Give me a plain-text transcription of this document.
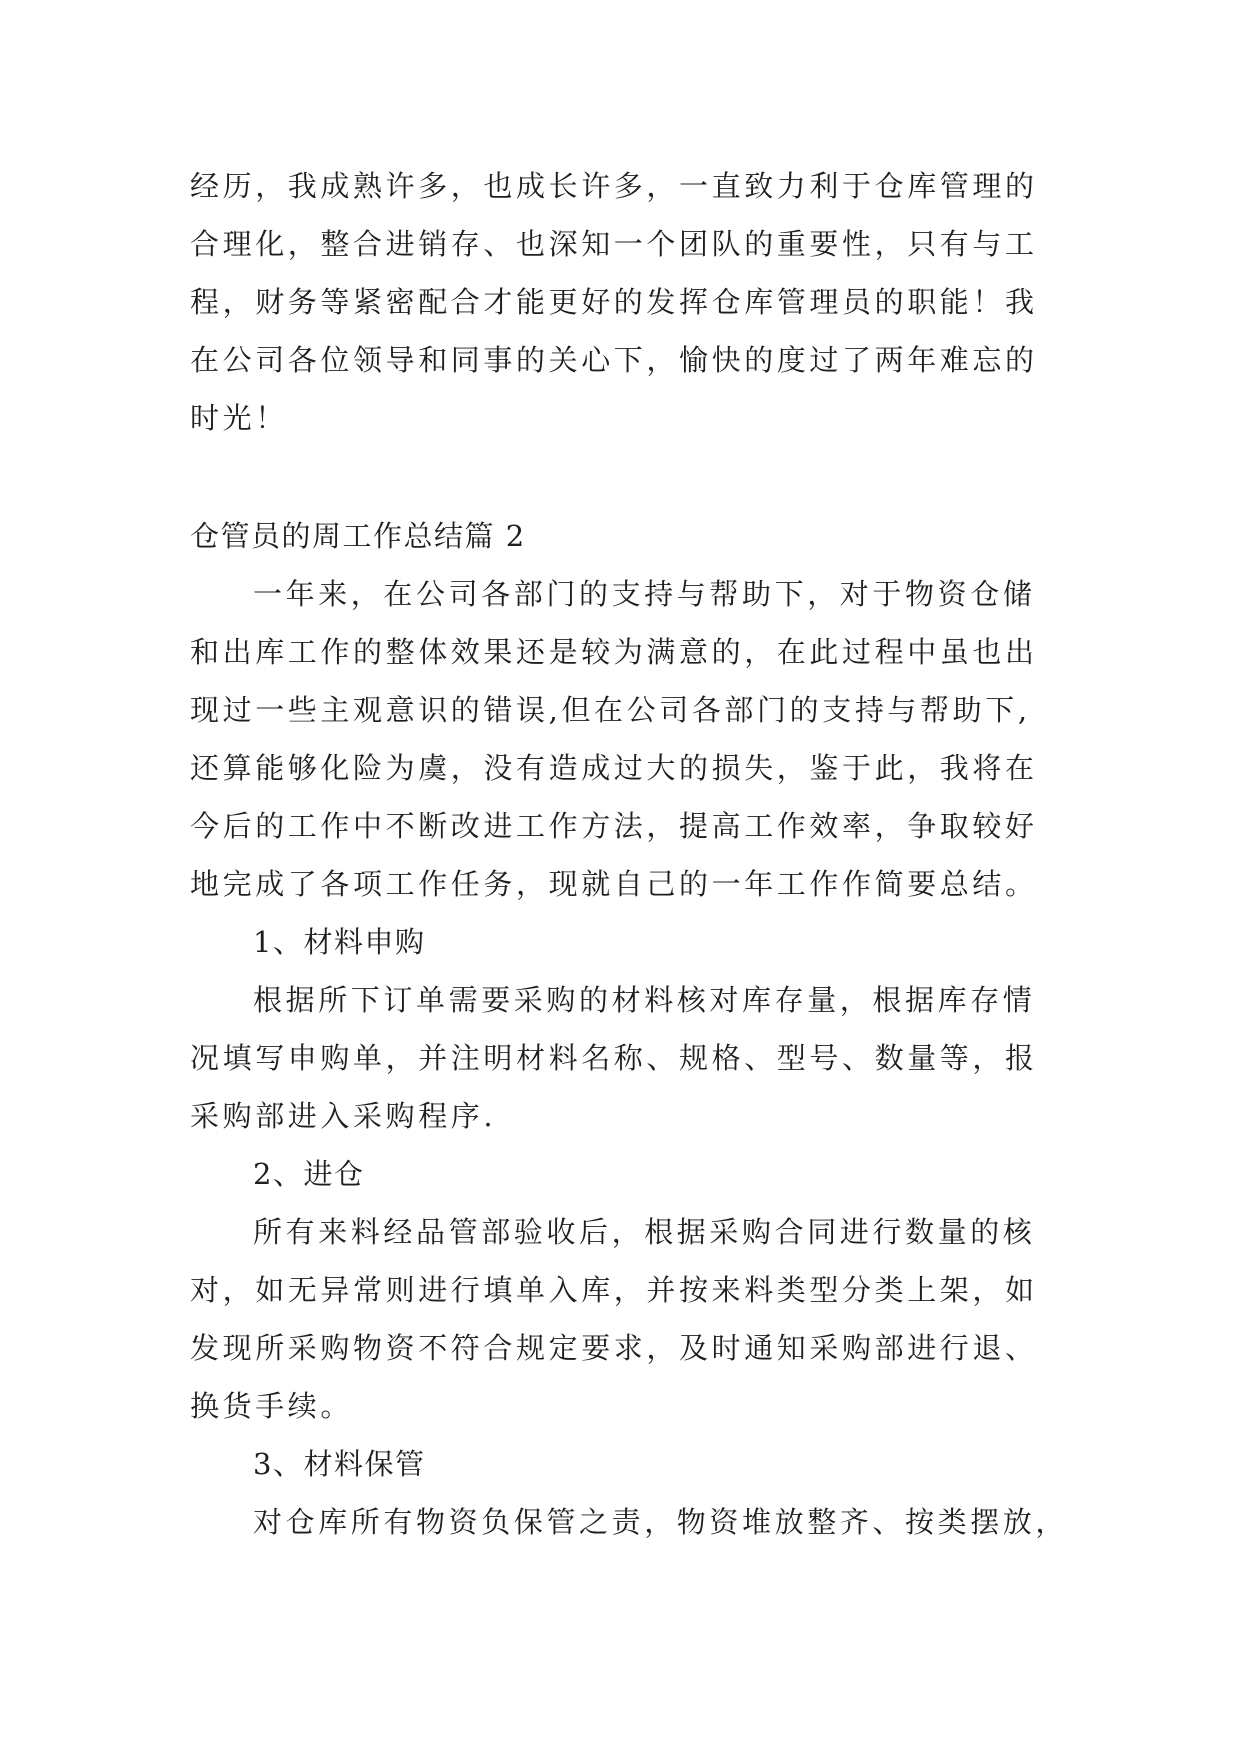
经历，我成熟许多，也成长许多，一直致力利于仓库管理的
合理化，整合进销存、也深知一个团队的重要性，只有与工
程，财务等紧密配合才能更好的发挥仓库管理员的职能！我
在公司各位领导和同事的关心下，愉快的度过了两年难忘的
时光！
仓管员的周工作总结篇 2
一年来，在公司各部门的支持与帮助下，对于物资仓储
和出库工作的整体效果还是较为满意的，在此过程中虽也出
现过一些主观意识的错误,但在公司各部门的支持与帮助下,
还算能够化险为虞，没有造成过大的损失，鉴于此，我将在
今后的工作中不断改进工作方法，提高工作效率，争取较好
地完成了各项工作任务，现就自己的一年工作作简要总结。
1、材料申购
根据所下订单需要采购的材料核对库存量，根据库存情
况填写申购单，并注明材料名称、规格、型号、数量等，报
采购部进入采购程序.
2、进仓
所有来料经品管部验收后，根据采购合同进行数量的核
对，如无异常则进行填单入库，并按来料类型分类上架，如
发现所采购物资不符合规定要求，及时通知采购部进行退、
换货手续。
3、材料保管
对仓库所有物资负保管之责，物资堆放整齐、按类摆放，
